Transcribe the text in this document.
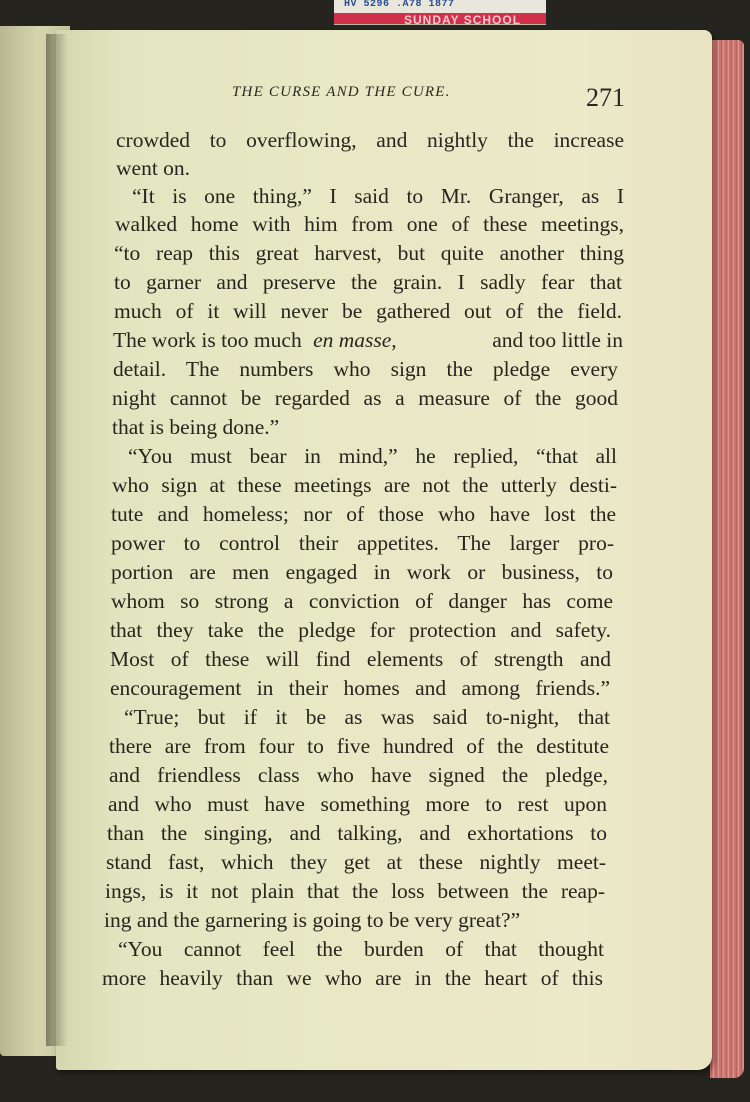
HV 5296 .A78 1877
SUNDAY SCHOOL
THE CURSE AND THE CURE.	271
crowded to overflowing, and nightly the increase
went on.
“It is one thing,” I said to Mr. Granger, as I
walked home with him from one of these meetings,
“to reap this great harvest, but quite another thing
to garner and preserve the grain. I sadly fear that
much of it will never be gathered out of the field.
The work is too much en masse,	and too little in
detail. The numbers who sign the pledge every
night cannot be regarded as a measure of the good
that is being done.”
“You must bear in mind,” he replied, “that all
who sign at these meetings are not the utterly desti-
tute and homeless; nor of those who have lost the
power to control their appetites. The larger pro-
portion are men engaged in work or business, to
whom so strong a conviction of danger has come
that they take the pledge for protection and safety.
Most of these will find elements of strength and
encouragement in their homes and among friends.”
“True; but if it be as was said to-night, that
there are from four to five hundred of the destitute
and friendless class who have signed the pledge,
and who must have something more to rest upon
than the singing, and talking, and exhortations to
stand fast, which they get at these nightly meet-
ings, is it not plain that the loss between the reap-
ing and the garnering is going to be very great?”
“You cannot feel the burden of that thought
more heavily than we who are in the heart of this
